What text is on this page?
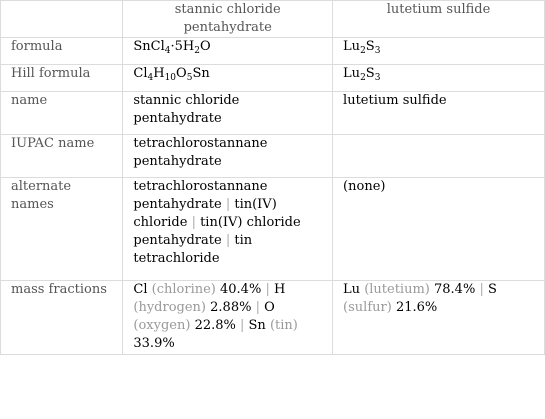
	stannic chloride pentahydrate	lutetium sulfide
formula	$SnCl_4\cdot 5H_2O$	$Lu_2S_3$
Hill formula	$Cl_4H_{10}O_5Sn$	$Lu_2S_3$
name	stannic chloride pentahydrate	lutetium sulfide
IUPAC name	tetrachlorostannane pentahydrate	
alternate names	tetrachlorostannane pentahydrate | tin(IV) chloride | tin(IV) chloride pentahydrate | tin tetrachloride	(none)
mass fractions	Cl (chlorine) 40.4% | H (hydrogen) 2.88% | O (oxygen) 22.8% | Sn (tin) 33.9%	Lu (lutetium) 78.4% | S (sulfur) 21.6%
